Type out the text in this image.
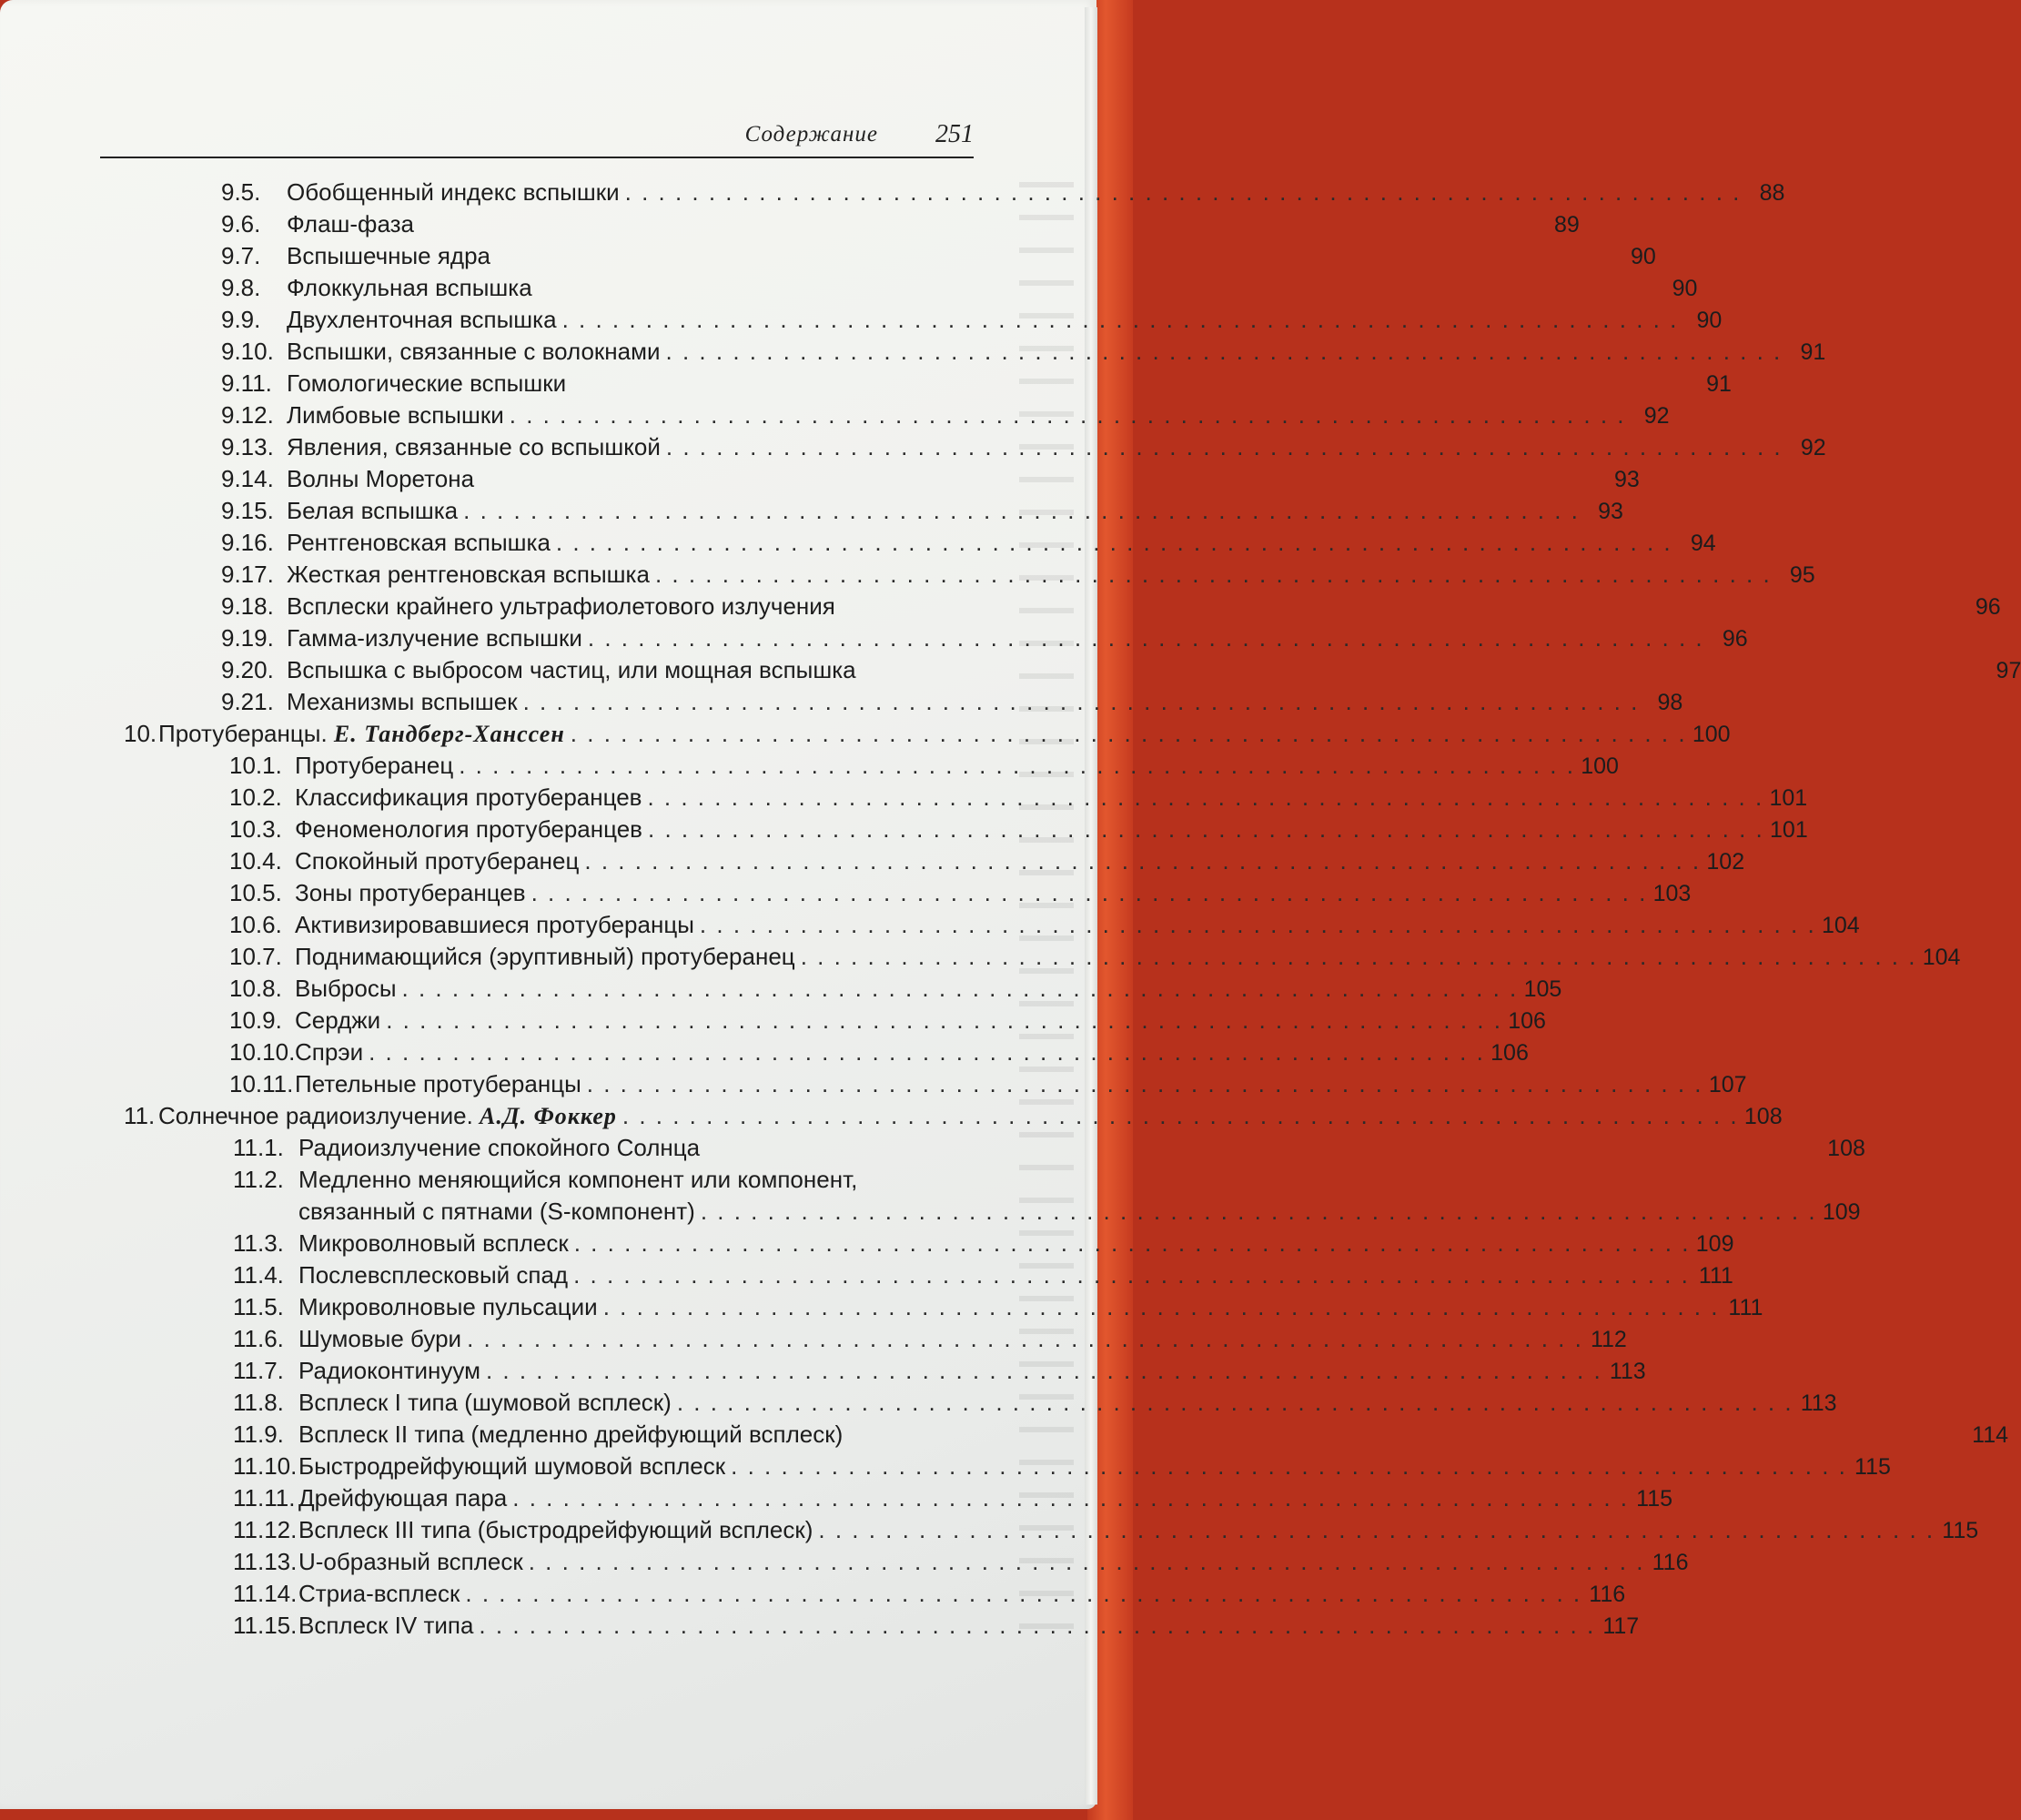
Содержание 251
9.5.	Обобщенный индекс вспышки . . .	88
9.6.	Флаш-фаза	89
9.7.	Вспышечные ядра	90
9.8.	Флоккульная вспышка	90
9.9.	Двухленточная вспышка . . .	90
9.10. Вспышки, связанные с волокнами . . .	91
9.11. Гомологические вспышки	91
9.12. Лимбовые вспышки . . .	92
9.13. Явления, связанные со вспышкой . . .	92
9.14. Волны Моретона	93
9.15. Белая вспышка . . .	93
9.16. Рентгеновская вспышка . . .	94
9.17. Жесткая рентгеновская вспышка . . .	95
9.18. Всплески крайнего ультрафиолетового излучения	96
9.19. Гамма-излучение вспышки . . .	96
9.20. Вспышка с выбросом частиц, или мощная вспышка	97
9.21. Механизмы вспышек . . .	98
10. Протуберанцы. Е. Тандберг-Ханссен . . .	100
10.1. Протуберанец . . .	100
10.2. Классификация протуберанцев . . .	101
10.3. Феноменология протуберанцев . . .	101
10.4. Спокойный протуберанец . . .	102
10.5. Зоны протуберанцев . . .	103
10.6. Активизировавшиеся протуберанцы . . .	104
10.7. Поднимающийся (эруптивный) протуберанец . . .	104
10.8. Выбросы . . .	105
10.9. Серджи . . .	106
10.10. Спрэи . . .	106
10.11. Петельные протуберанцы . . .	107
11. Солнечное радиоизлучение. А.Д. Фоккер . . .	108
11.1. Радиоизлучение спокойного Солнца	108
11.2. Медленно меняющийся компонент или компонент,
связанный с пятнами (S-компонент) . . .	109
11.3. Микроволновый всплеск . . .	109
11.4. Послевсплесковый спад . . .	111
11.5. Микроволновые пульсации . . .	111
11.6. Шумовые бури . . .	112
11.7. Радиоконтинуум . . .	113
11.8. Всплеск I типа (шумовой всплеск) . . .	113
11.9. Всплеск II типа (медленно дрейфующий всплеск)	114
11.10. Быстродрейфующий шумовой всплеск . . .	115
11.11. Дрейфующая пара . . .	115
11.12. Всплеск III типа (быстродрейфующий всплеск) . . .	115
11.13. U-образный всплеск . . .	116
11.14. Стриа-всплеск . . .	116
11.15. Всплеск IV типа . . .	117
